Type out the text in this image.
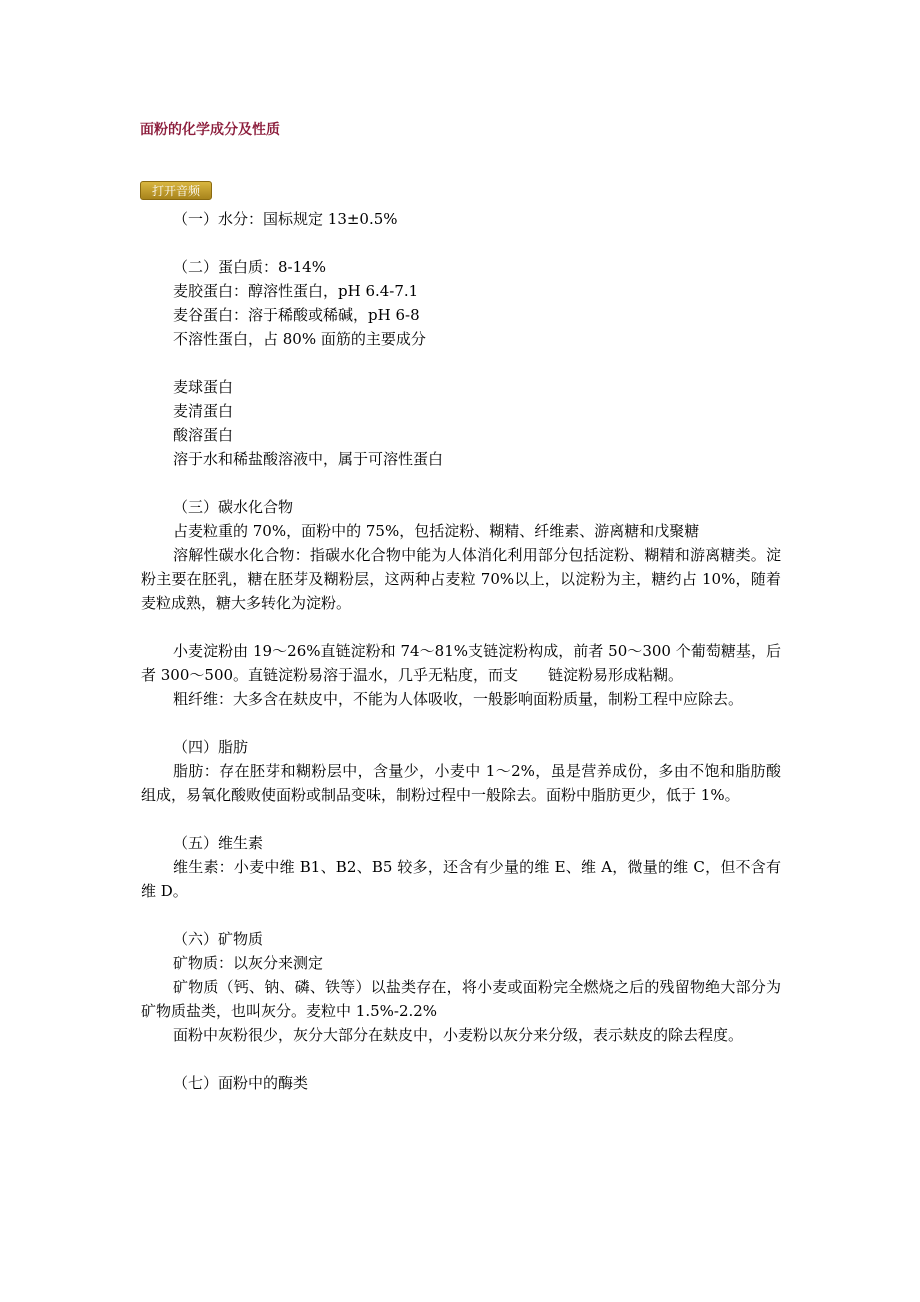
面粉的化学成分及性质
打开音频

（一）水分：国标规定 13±0.5%

（二）蛋白质：8-14%

麦胶蛋白：醇溶性蛋白，pH 6.4-7.1

麦谷蛋白：溶于稀酸或稀碱，pH 6-8

不溶性蛋白，占 80% 面筋的主要成分

麦球蛋白

麦清蛋白

酸溶蛋白

溶于水和稀盐酸溶液中，属于可溶性蛋白

（三）碳水化合物

占麦粒重的 70%，面粉中的 75%，包括淀粉、糊精、纤维素、游离糖和戊聚糖

溶解性碳水化合物：指碳水化合物中能为人体消化利用部分包括淀粉、糊精和游离糖类。淀粉主要在胚乳，糖在胚芽及糊粉层，这两种占麦粒 70%以上，以淀粉为主，糖约占 10%，随着麦粒成熟，糖大多转化为淀粉。

小麦淀粉由 19～26%直链淀粉和 74～81%支链淀粉构成，前者 50～300 个葡萄糖基，后者 300～500。直链淀粉易溶于温水，几乎无粘度，而支　　链淀粉易形成粘糊。

粗纤维：大多含在麸皮中，不能为人体吸收，一般影响面粉质量，制粉工程中应除去。

（四）脂肪

脂肪：存在胚芽和糊粉层中，含量少，小麦中 1～2%，虽是营养成份，多由不饱和脂肪酸组成，易氧化酸败使面粉或制品变味，制粉过程中一般除去。面粉中脂肪更少，低于 1%。

（五）维生素

维生素：小麦中维 B1、B2、B5 较多，还含有少量的维 E、维 A，微量的维 C，但不含有维 D。

（六）矿物质

矿物质：以灰分来测定

矿物质（钙、钠、磷、铁等）以盐类存在，将小麦或面粉完全燃烧之后的残留物绝大部分为矿物质盐类，也叫灰分。麦粒中 1.5%-2.2%

面粉中灰粉很少，灰分大部分在麸皮中，小麦粉以灰分来分级，表示麸皮的除去程度。

（七）面粉中的酶类
